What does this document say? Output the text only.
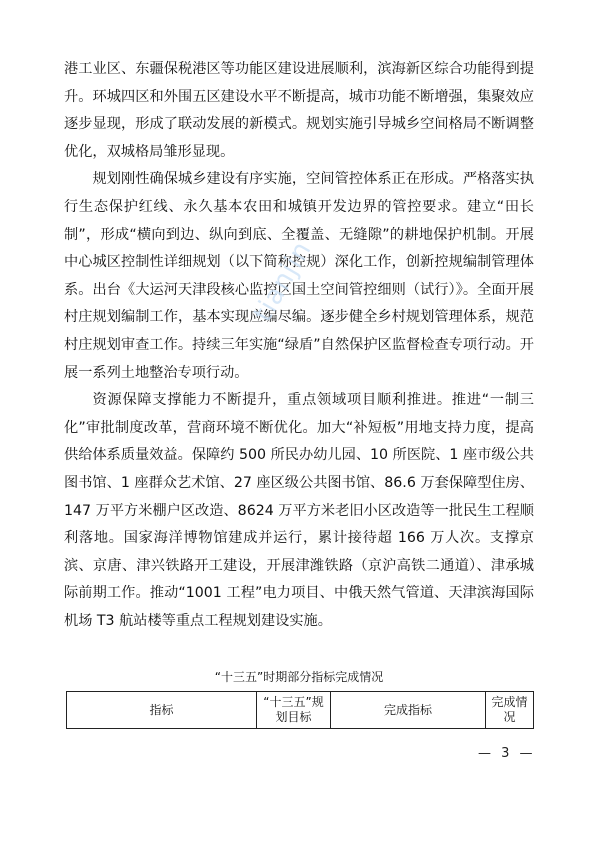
港工业区、东疆保税港区等功能区建设进展顺利，滨海新区综合功能得到提升。环城四区和外围五区建设水平不断提高，城市功能不断增强，集聚效应逐步显现，形成了联动发展的新模式。规划实施引导城乡空间格局不断调整优化，双城格局雏形显现。

规划刚性确保城乡建设有序实施，空间管控体系正在形成。严格落实执行生态保护红线、永久基本农田和城镇开发边界的管控要求。建立“田长制”，形成“横向到边、纵向到底、全覆盖、无缝隙”的耕地保护机制。开展中心城区控制性详细规划（以下简称控规）深化工作，创新控规编制管理体系。出台《大运河天津段核心监控区国土空间管控细则（试行）》。全面开展村庄规划编制工作，基本实现应编尽编。逐步健全乡村规划管理体系，规范村庄规划审查工作。持续三年实施“绿盾”自然保护区监督检查专项行动。开展一系列土地整治专项行动。

资源保障支撑能力不断提升，重点领域项目顺利推进。推进“一制三化”审批制度改革，营商环境不断优化。加大“补短板”用地支持力度，提高供给体系质量效益。保障约 500 所民办幼儿园、10 所医院、1 座市级公共图书馆、1 座群众艺术馆、27 座区级公共图书馆、86.6 万套保障型住房、147 万平方米棚户区改造、8624 万平方米老旧小区改造等一批民生工程顺利落地。国家海洋博物馆建成并运行，累计接待超 166 万人次。支撑京滨、京唐、津兴铁路开工建设，开展津潍铁路（京沪高铁二通道）、津承城际前期工作。推动“1001 工程”电力项目、中俄天然气管道、天津滨海国际机场 T3 航站楼等重点工程规划建设实施。

tianjin
“十三五”时期部分指标完成情况
指标	“十三五”规划目标	完成指标	完成情况
— 3 —
